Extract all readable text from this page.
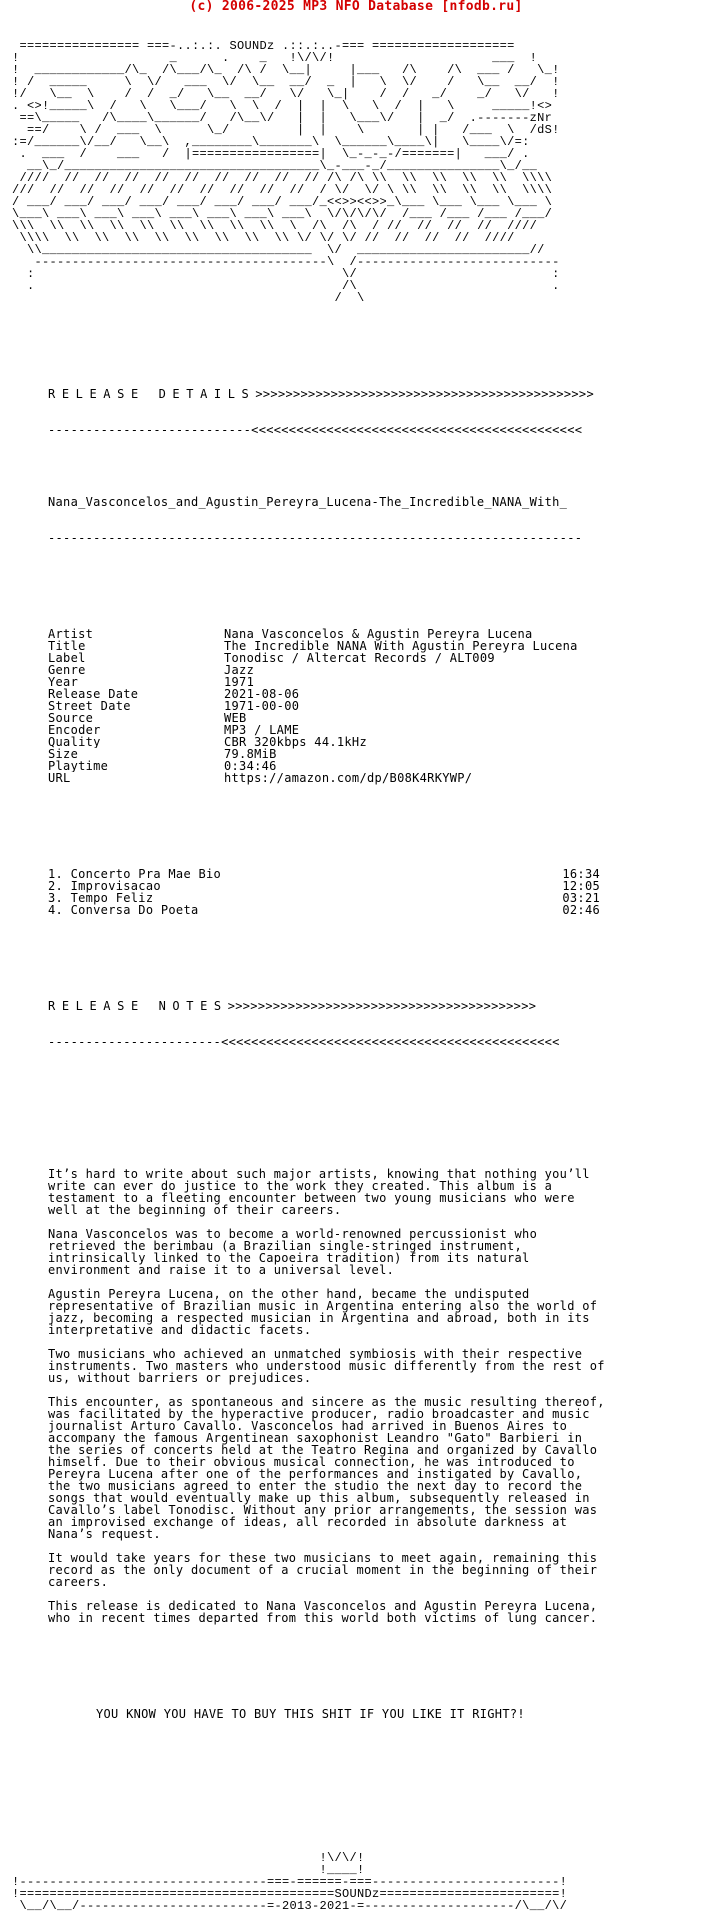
(c) 2006-2025 MP3 NFO Database [nfodb.ru]

================ ===-..:.:. SOUNDz .::.:..-=== ===================
!                    _      .    _   !\/\/!                     ___  !
!  ____________/\_  /\___/\_  /\ /  \__|     |___   /\    /\  ___ /   \_!
! /  _____     \  \/   ___  \/  \__  __/  _  |   \  \/    /   \__  __/  !
!/   \__  \    /  /  _/   \__  __/   \/   \_|    /  /   _/    _/   \/   !
. <>!_____\  /   \   \___/   \  \  /  |  |  \   \  /  |   \     _____!<>
==\_____   /\____\______/   /\__\/   |  |   \___\/   |  _/  .-------zNr
==/    \ /  ___  \      \_/         |  |    \       | |   /___  \  /dS!
:=/______\/__/   \__\  ,________\_______\  \______\____\|   \____\/=:
.  ___  /    ___   /  |=================|  \_-_-_-/=======|   ___/ .
__\_/__________________________________\_-___-_/_______________\_/__
////  //  //  //  //  //  //  //  //  // /\ /\ \\  \\  \\  \\  \\  \\\\
///  //  //  //  //  //  //  //  //  //  / \/  \/ \ \\  \\  \\  \\  \\\\
/ ___/ ___/ ___/ ___/ ___/ ___/ ___/ ___/_<<>><<>>_\___ \___ \___ \___ \
\___\ ___\ ___\ ___\ ___\ ___\ ___\ ___\  \/\/\/\/  /___ /___ /___ /___/
\\\  \\  \\  \\  \\  \\  \\  \\  \\  \  /\  /\  / //  //  //  //  ////
\\\\  \\  \\  \\  \\  \\  \\  \\  \\ \/ \/ \/ //  //  //  //  ////
\\____________________________________  \/  _______________________//
---------------------------------------\  /---------------------------
:                                         \/                          :
.                                         /\                          .
/  \

RELEASE DETAILS >>>>>>>>>>>>>>>>>>>>>>>>>>>>>>>>>>>>>>>>>>>>>

--------------------------- <<<<<<<<<<<<<<<<<<<<<<<<<<<<<<<<<<<<<<<<<<<<

Nana_Vasconcelos_and_Agustin_Pereyra_Lucena-The_Incredible_NANA_With_

-----------------------------------------------------------------------

Artist______________	Nana Vasconcelos & Agustin Pereyra Lucena
Title_______________	The Incredible NANA With Agustin Pereyra Lucena
Label_______________	Tonodisc / Altercat Records / ALT009
Genre_______________	Jazz
Year________________	1971
Release Date________	2021-08-06
Street Date_________	1971-00-00
Source______________	WEB
Encoder_____________	MP3 / LAME
Quality_____________	CBR 320kbps 44.1kHz
Size________________	79.8MiB
Playtime____________	0:34:46
URL_________________	https://amazon.com/dp/B08K4RKYWP/

1. Concerto Pra Mae Bio	16:34
2. Improvisacao	12:05
3. Tempo Feliz	03:21
4. Conversa Do Poeta	02:46

RELEASE NOTES >>>>>>>>>>>>>>>>>>>>>>>>>>>>>>>>>>>>>>>>>

----------------------- <<<<<<<<<<<<<<<<<<<<<<<<<<<<<<<<<<<<<<<<<<<<<

It’s hard to write about such major artists, knowing that nothing you’ll write can ever do justice to the work they created. This album is a testament to a fleeting encounter between two young musicians who were well at the beginning of their careers.

Nana Vasconcelos was to become a world-renowned percussionist who retrieved the berimbau (a Brazilian single-stringed instrument, intrinsically linked to the Capoeira tradition) from its natural environment and raise it to a universal level.

Agustin Pereyra Lucena, on the other hand, became the undisputed representative of Brazilian music in Argentina entering also the world of jazz, becoming a respected musician in Argentina and abroad, both in its interpretative and didactic facets.

Two musicians who achieved an unmatched symbiosis with their respective instruments. Two masters who understood music differently from the rest of us, without barriers or prejudices.

This encounter, as spontaneous and sincere as the music resulting thereof, was facilitated by the hyperactive producer, radio broadcaster and music journalist Arturo Cavallo. Vasconcelos had arrived in Buenos Aires to accompany the famous Argentinean saxophonist Leandro "Gato" Barbieri in the series of concerts held at the Teatro Regina and organized by Cavallo himself. Due to their obvious musical connection, he was introduced to Pereyra Lucena after one of the performances and instigated by Cavallo, the two musicians agreed to enter the studio the next day to record the songs that would eventually make up this album, subsequently released in Cavallo’s label Tonodisc. Without any prior arrangements, the session was an improvised exchange of ideas, all recorded in absolute darkness at Nana’s request.

It would take years for these two musicians to meet again, remaining this record as the only document of a crucial moment in the beginning of their careers.

This release is dedicated to Nana Vasconcelos and Agustin Pereyra Lucena, who in recent times departed from this world both victims of lung cancer.

YOU KNOW YOU HAVE TO BUY THIS SHIT IF YOU LIKE IT RIGHT?!

!\/\/!
!____!
!---------------------------------===-======-===-------------------------!
!==========================================SOUNDz========================!
\__/\__/-------------------------=-2013-2021-=--------------------/\__/\/
